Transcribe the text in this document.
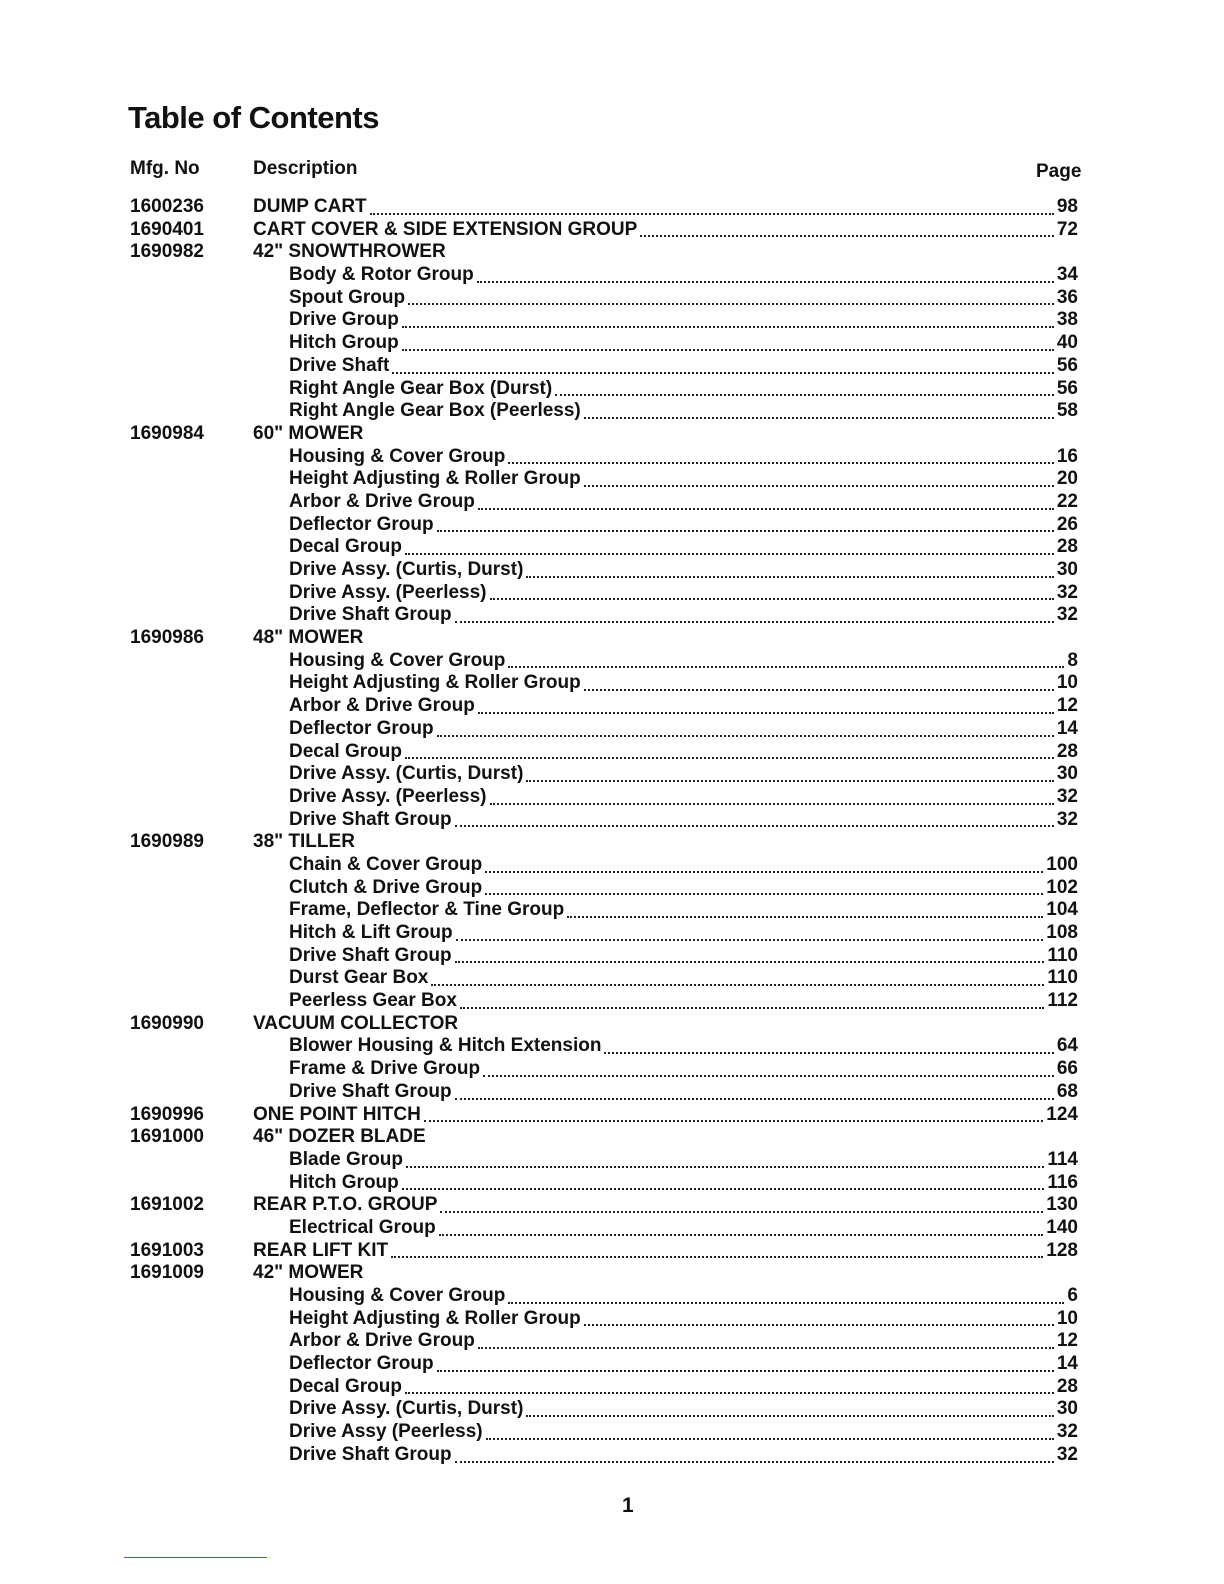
Table of Contents
Mfg. No	Description	Page
1600236	DUMP CART	98
1690401	CART COVER & SIDE EXTENSION GROUP	72
1690982	42" SNOWTHROWER
Body & Rotor Group	34
Spout Group	36
Drive Group	38
Hitch Group	40
Drive Shaft	56
Right Angle Gear Box (Durst)	56
Right Angle Gear Box (Peerless)	58
1690984	60" MOWER
Housing & Cover Group	16
Height Adjusting & Roller Group	20
Arbor & Drive Group	22
Deflector Group	26
Decal Group	28
Drive Assy. (Curtis, Durst)	30
Drive Assy. (Peerless)	32
Drive Shaft Group	32
1690986	48" MOWER
Housing & Cover Group	8
Height Adjusting & Roller Group	10
Arbor & Drive Group	12
Deflector Group	14
Decal Group	28
Drive Assy. (Curtis, Durst)	30
Drive Assy. (Peerless)	32
Drive Shaft Group	32
1690989	38" TILLER
Chain & Cover Group	100
Clutch & Drive Group	102
Frame, Deflector & Tine Group	104
Hitch & Lift Group	108
Drive Shaft Group	110
Durst Gear Box	110
Peerless Gear Box	112
1690990	VACUUM COLLECTOR
Blower Housing & Hitch Extension	64
Frame & Drive Group	66
Drive Shaft Group	68
1690996	ONE POINT HITCH	124
1691000	46" DOZER BLADE
Blade Group	114
Hitch Group	116
1691002	REAR P.T.O. GROUP	130
Electrical Group	140
1691003	REAR LIFT KIT	128
1691009	42" MOWER
Housing & Cover Group	6
Height Adjusting & Roller Group	10
Arbor & Drive Group	12
Deflector Group	14
Decal Group	28
Drive Assy. (Curtis, Durst)	30
Drive Assy (Peerless)	32
Drive Shaft Group	32
1
